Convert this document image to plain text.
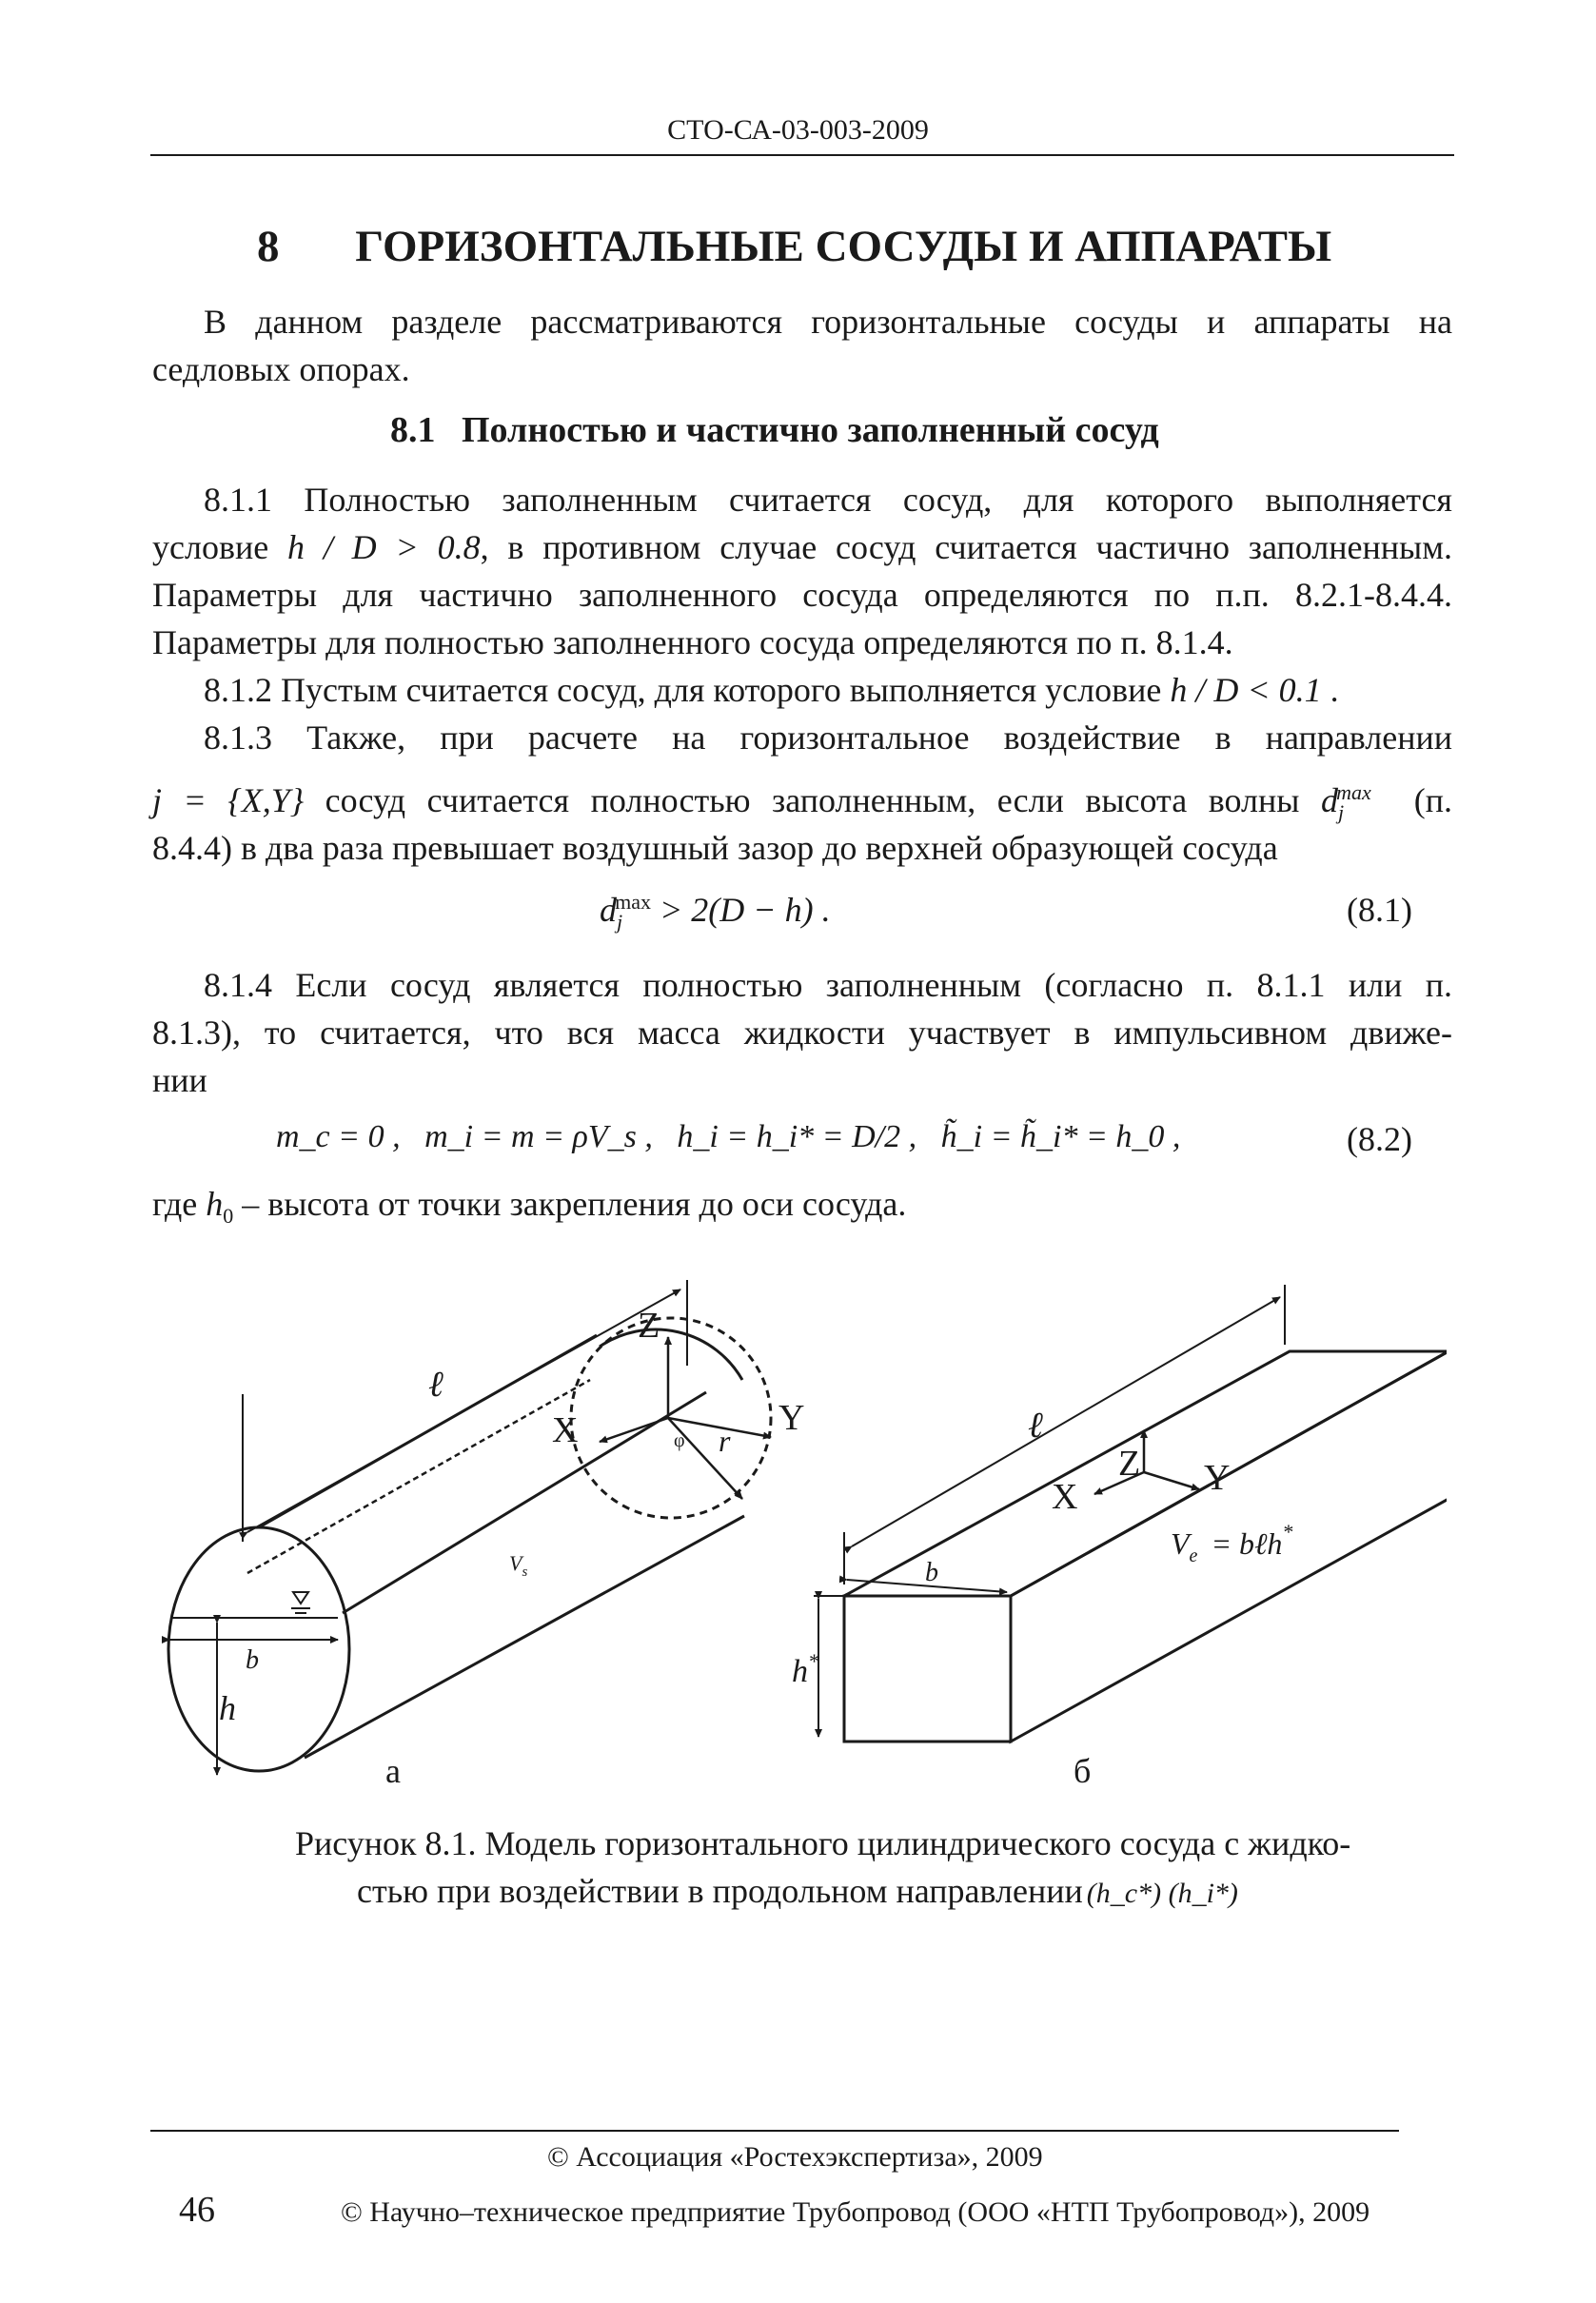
СТО-СА-03-003-2009
8 ГОРИЗОНТАЛЬНЫЕ СОСУДЫ И АППАРАТЫ

В данном разделе рассматриваются горизонтальные сосуды и аппараты на

седловых опорах.

8.1 Полностью и частично заполненный сосуд

8.1.1 Полностью заполненным считается сосуд, для которого выполняется

условие h / D > 0.8, в противном случае сосуд считается частично заполненным.

Параметры для частично заполненного сосуда определяются по п.п. 8.2.1-8.4.4.

Параметры для полностью заполненного сосуда определяются по п. 8.1.4.

8.1.2 Пустым считается сосуд, для которого выполняется условие h / D < 0.1 .

8.1.3 Также, при расчете на горизонтальное воздействие в направлении

j = {X,Y} сосуд считается полностью заполненным, если высота волны $d_j^{max}$ (п.

8.4.4) в два раза превышает воздушный зазор до верхней образующей сосуда

$d_j^{max} > 2(D - h)$ .	(8.1)

8.1.4 Если сосуд является полностью заполненным (согласно п. 8.1.1 или п.

8.1.3), то считается, что вся масса жидкости участвует в импульсивном движе-

нии

m_c = 0 ,   m_i = m = ρV_s ,   h_i = h_i* = D/2 ,   h̃_i = h̃_i* = h_0 ,	(8.2)

где $h_0$ – высота от точки закрепления до оси сосуда.

ℓ
Z
Y
X	φ r
$V_s$
b
h
а
ℓ
Z Y
X
$V_e$ = bℓh*
b
h*
б
Рисунок 8.1. Модель горизонтального цилиндрического сосуда с жидко-
стью при воздействии в продольном направлении (h_c*) (h_i*)
© Ассоциация «Ростехэкспертиза», 2009
46	© Научно–техническое предприятие Трубопровод (ООО «НТП Трубопровод»), 2009
